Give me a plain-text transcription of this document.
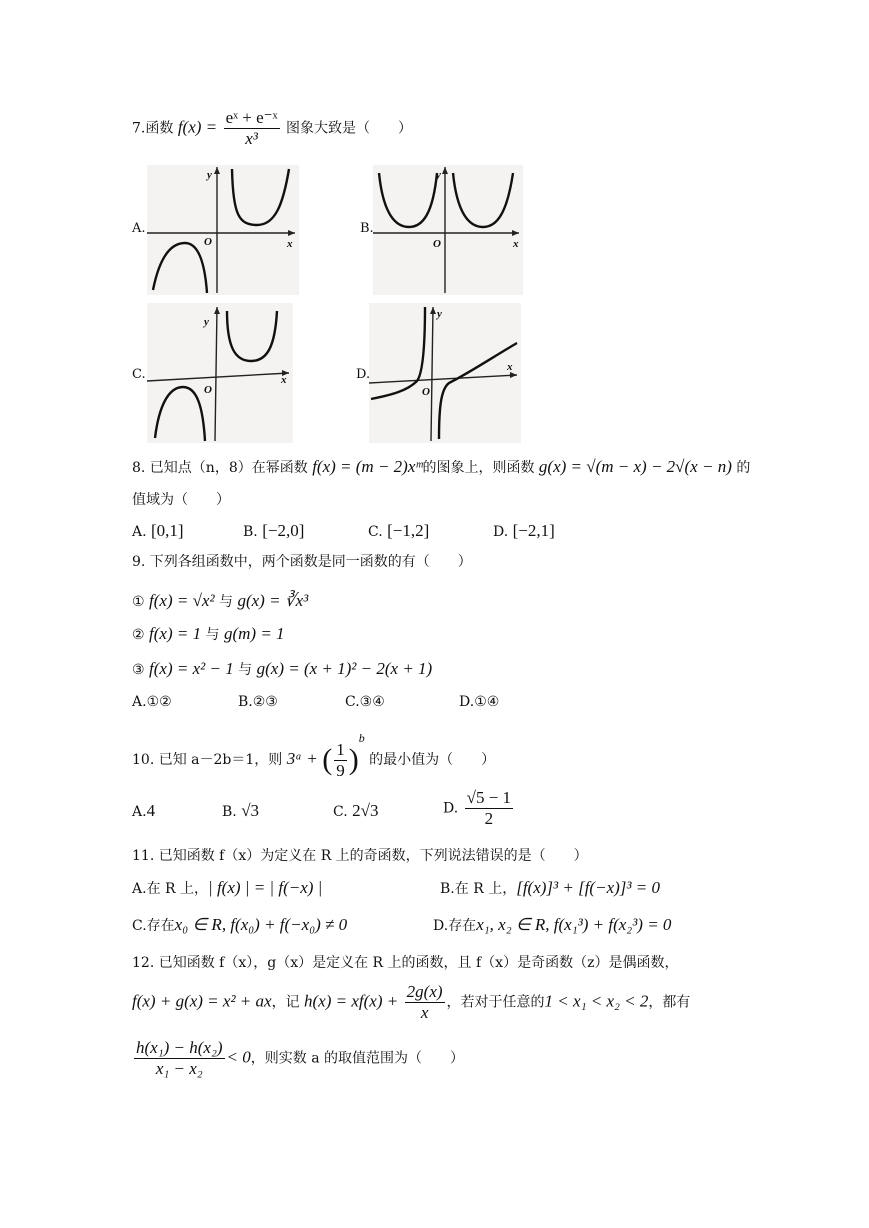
7.函数 $f(x) = \frac{\text{eˣ + e⁻ˣ}}{\text{x³}}$ 图象大致是（　　）
A.
y
x
O
B.
y
x
O
C.
y
x
O
D.
y
x
O
8. 已知点（n，8）在幂函数 f(x) = (m − 2)xᵐ的图象上，则函数 g(x) = √(m − x) − 2√(x − n) 的
值域为（　　）
A. [0,1]	B. [−2,0]	C. [−1,2]	D. [−2,1]
9. 下列各组函数中，两个函数是同一函数的有（　　）
① f(x) = √x² 与 g(x) = ∛x³
② f(x) = 1 与 g(m) = 1
③ f(x) = x² − 1 与 g(x) = (x + 1)² − 2(x + 1)
A.①②	B.②③	C.③④	D.①④
10. 已知 a－2b＝1，则 3ᵃ + ( $\frac{1}{9} )^b$ 的最小值为（　　）
A.4	B. √3	C. 2√3	D. $\frac{√5 - 1}{2}$
11. 已知函数 f（x）为定义在 R 上的奇函数，下列说法错误的是（　　）
A.在 R 上，| f(x) | = | f(−x) |	B.在 R 上，[f(x)]³ + [f(−x)]³ = 0
C.存在x₀ ∈ R, f(x₀) + f(−x₀) ≠ 0	D.存在x₁, x₂ ∈ R, f(x₁³) + f(x₂³) = 0
12. 已知函数 f（x），g（x）是定义在 R 上的函数，且 f（x）是奇函数（z）是偶函数，
f(x) + g(x) = x² + ax，记 $h(x) = xf(x) + \frac{2g(x)}{x}$ ，若对于任意的1 < x₁ < x₂ < 2，都有
$\frac{\text{h(x₁) − h(x₂)}}{\text{x₁ − x₂}} < 0$，则实数 a 的取值范围为（　　）
